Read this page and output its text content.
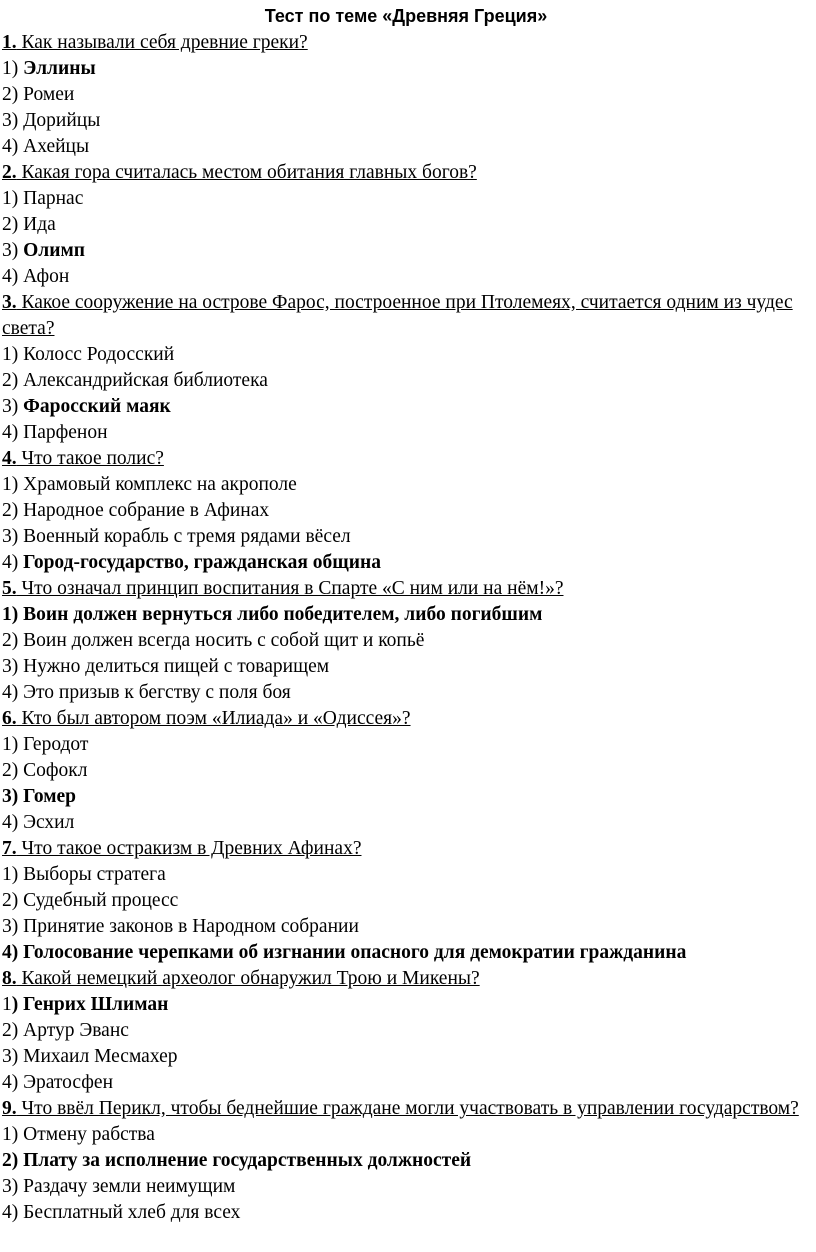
Тест по теме «Древняя Греция»
1. Как называли себя древние греки?
1) Эллины
2) Ромеи
3) Дорийцы
4) Ахейцы
2. Какая гора считалась местом обитания главных богов?
1) Парнас
2) Ида
3) Олимп
4) Афон
3. Какое сооружение на острове Фарос, построенное при Птолемеях, считается одним из чудес света?
1) Колосс Родосский
2) Александрийская библиотека
3) Фаросский маяк
4) Парфенон
4. Что такое полис?
1) Храмовый комплекс на акрополе
2) Народное собрание в Афинах
3) Военный корабль с тремя рядами вёсел
4) Город-государство, гражданская община
5. Что означал принцип воспитания в Спарте «С ним или на нём!»?
1) Воин должен вернуться либо победителем, либо погибшим
2) Воин должен всегда носить с собой щит и копьё
3) Нужно делиться пищей с товарищем
4) Это призыв к бегству с поля боя
6. Кто был автором поэм «Илиада» и «Одиссея»?
1) Геродот
2) Софокл
3) Гомер
4) Эсхил
7. Что такое остракизм в Древних Афинах?
1) Выборы стратега
2) Судебный процесс
3) Принятие законов в Народном собрании
4) Голосование черепками об изгнании опасного для демократии гражданина
8. Какой немецкий археолог обнаружил Трою и Микены?
1) Генрих Шлиман
2) Артур Эванс
3) Михаил Месмахер
4) Эратосфен
9. Что ввёл Перикл, чтобы беднейшие граждане могли участвовать в управлении государством?
1) Отмену рабства
2) Плату за исполнение государственных должностей
3) Раздачу земли неимущим
4) Бесплатный хлеб для всех
